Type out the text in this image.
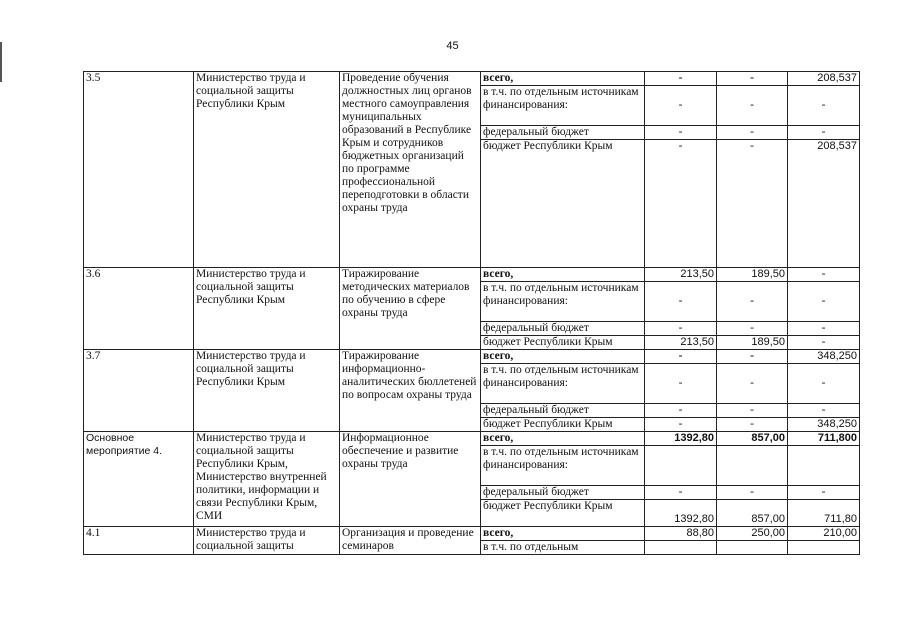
45
3.5	Министерство труда и социальной защиты Республики Крым	Проведение обучения должностных лиц органов местного самоуправления муниципальных образований в Республике Крым и сотрудников бюджетных организаций по программе профессиональной переподготовки в области охраны труда	всего,	-	-	208,537
			в т.ч. по отдельным источникам финансирования:	-	-	-
			федеральный бюджет	-	-	-
			бюджет Республики Крым	-	-	208,537
3.6	Министерство труда и социальной защиты Республики Крым	Тиражирование методических материалов по обучению в сфере охраны труда	всего,	213,50	189,50	-
			в т.ч. по отдельным источникам финансирования:	-	-	-
			федеральный бюджет	-	-	-
			бюджет Республики Крым	213,50	189,50	-
3.7	Министерство труда и социальной защиты Республики Крым	Тиражирование информационно-аналитических бюллетеней по вопросам охраны труда	всего,	-	-	348,250
			в т.ч. по отдельным источникам финансирования:	-	-	-
			федеральный бюджет	-	-	-
			бюджет Республики Крым	-	-	348,250
Основное мероприятие 4.	Министерство труда и социальной защиты Республики Крым, Министерство внутренней политики, информации и связи Республики Крым, СМИ	Информационное обеспечение и развитие охраны труда	всего,	1392,80	857,00	711,800
			в т.ч. по отдельным источникам финансирования:			
			федеральный бюджет	-	-	-
			бюджет Республики Крым	1392,80	857,00	711,80
4.1	Министерство труда и социальной защиты	Организация и проведение семинаров	всего,	88,80	250,00	210,00
			в т.ч. по отдельным			
